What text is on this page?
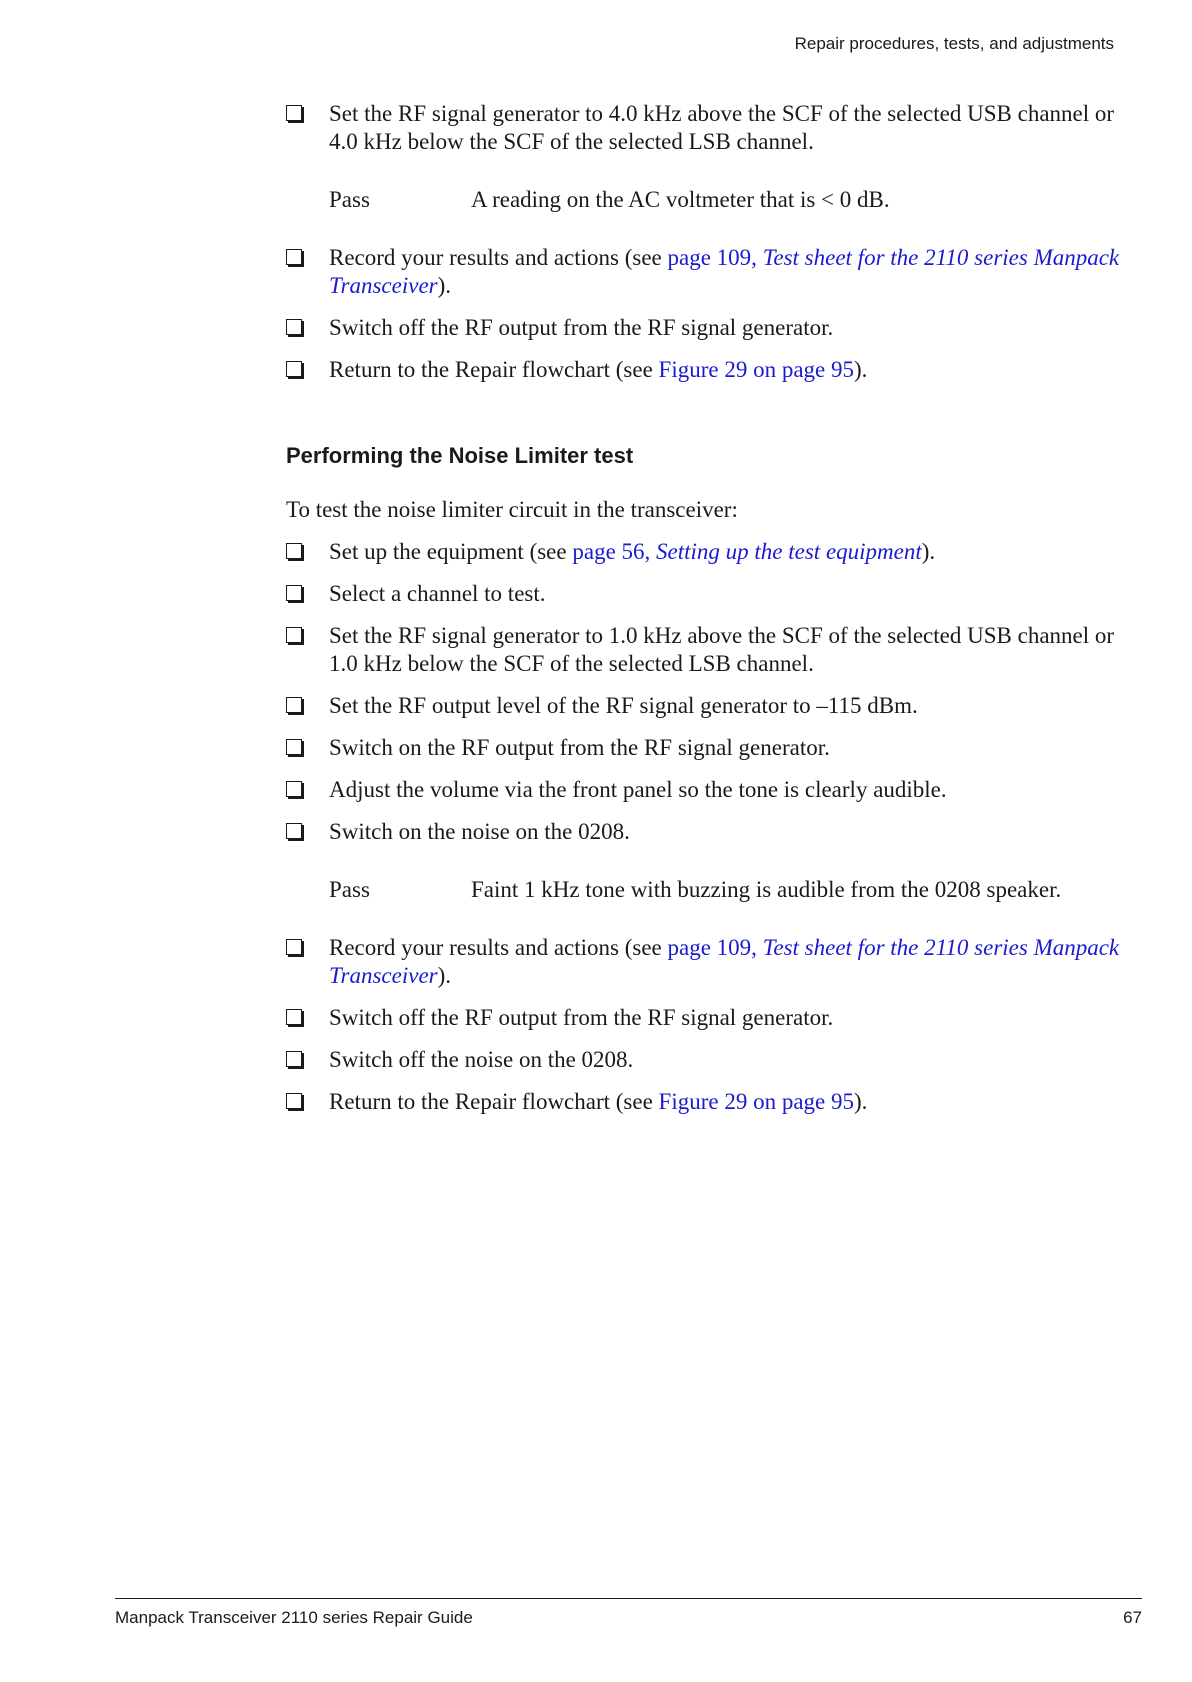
Repair procedures, tests, and adjustments
Set the RF signal generator to 4.0 kHz above the SCF of the selected USB channel or 4.0 kHz below the SCF of the selected LSB channel.
Pass	A reading on the AC voltmeter that is < 0 dB.
Record your results and actions (see page 109, Test sheet for the 2110 series Manpack Transceiver).
Switch off the RF output from the RF signal generator.
Return to the Repair flowchart (see Figure 29 on page 95).
Performing the Noise Limiter test

To test the noise limiter circuit in the transceiver:

Set up the equipment (see page 56, Setting up the test equipment).
Select a channel to test.
Set the RF signal generator to 1.0 kHz above the SCF of the selected USB channel or 1.0 kHz below the SCF of the selected LSB channel.
Set the RF output level of the RF signal generator to –115 dBm.
Switch on the RF output from the RF signal generator.
Adjust the volume via the front panel so the tone is clearly audible.
Switch on the noise on the 0208.
Pass	Faint 1 kHz tone with buzzing is audible from the 0208 speaker.
Record your results and actions (see page 109, Test sheet for the 2110 series Manpack Transceiver).
Switch off the RF output from the RF signal generator.
Switch off the noise on the 0208.
Return to the Repair flowchart (see Figure 29 on page 95).
Manpack Transceiver 2110 series Repair Guide	67
